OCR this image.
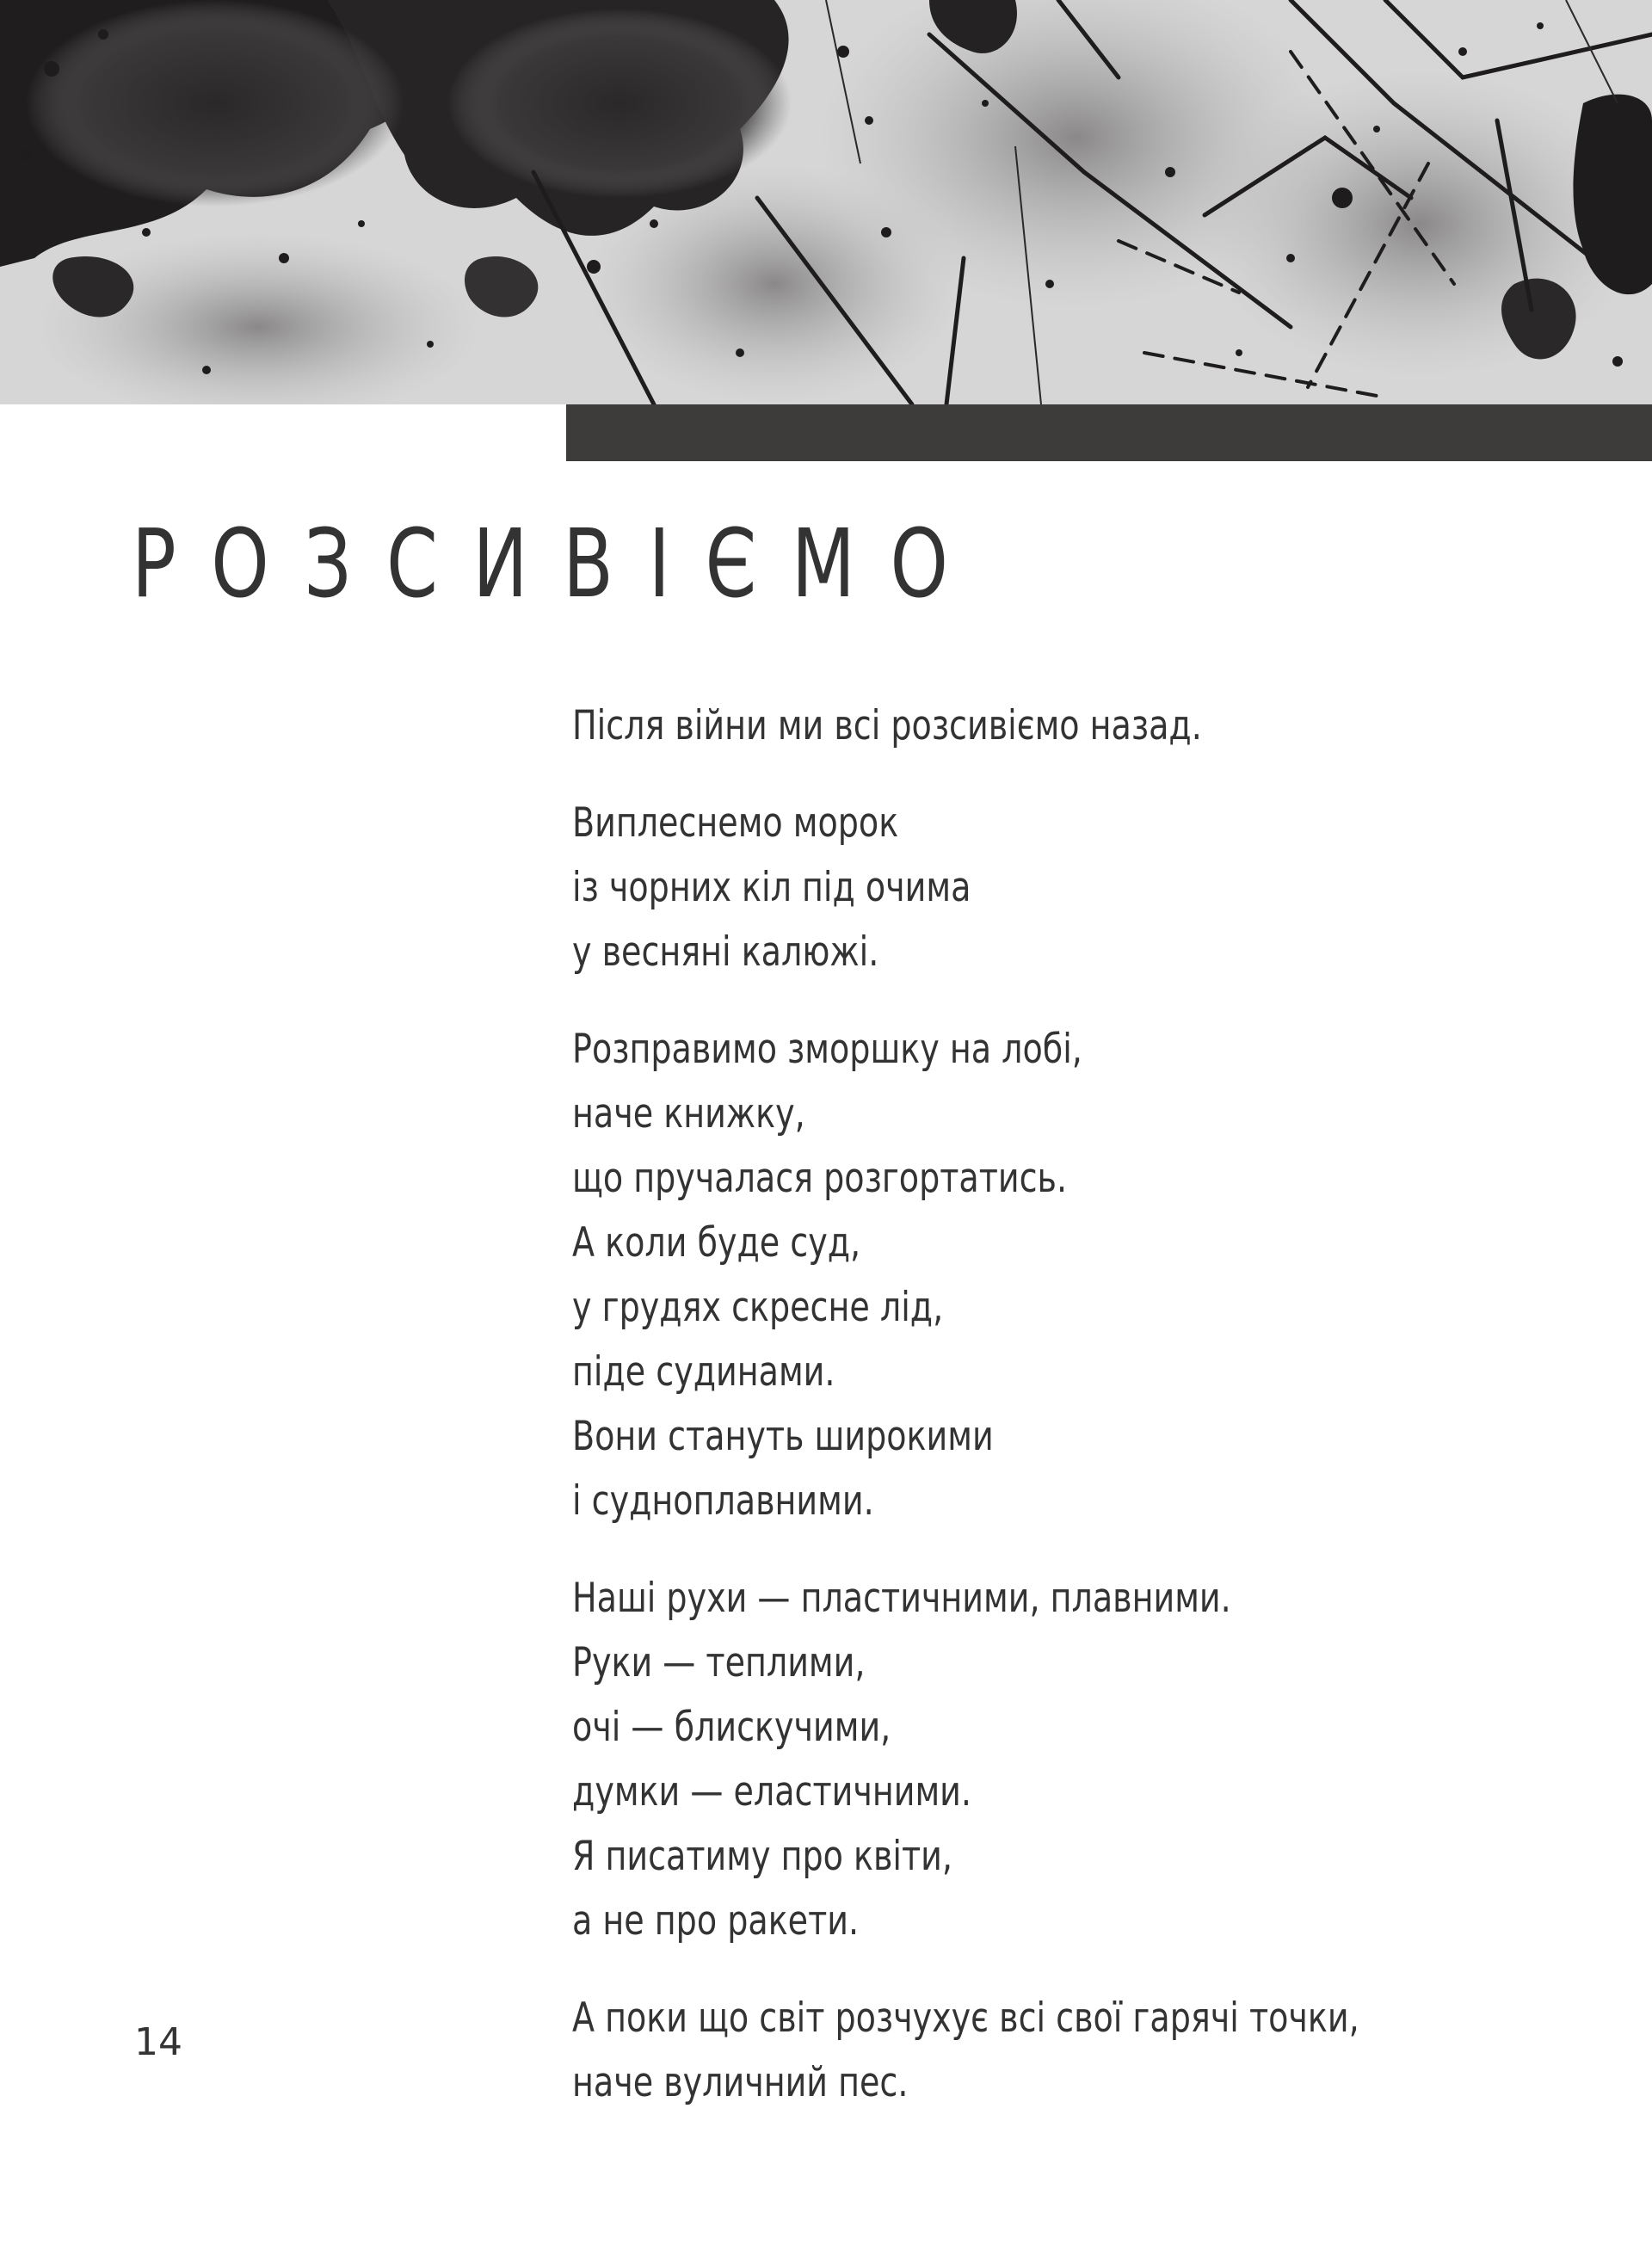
РОЗСИВІЄМО
Після війни ми всі розсивіємо назад.
Виплеснемо морок
із чорних кіл під очима
у весняні калюжі.
Розправимо зморшку на лобі,
наче книжку,
що пручалася розгортатись.
А коли буде суд,
у грудях скресне лід,
піде судинами.
Вони стануть широкими
і судноплавними.
Наші рухи — пластичними, плавними.
Руки — теплими,
очі — блискучими,
думки — еластичними.
Я писатиму про квіти,
а не про ракети.
А поки що світ розчухує всі свої гарячі точки,
наче вуличний пес.
14
